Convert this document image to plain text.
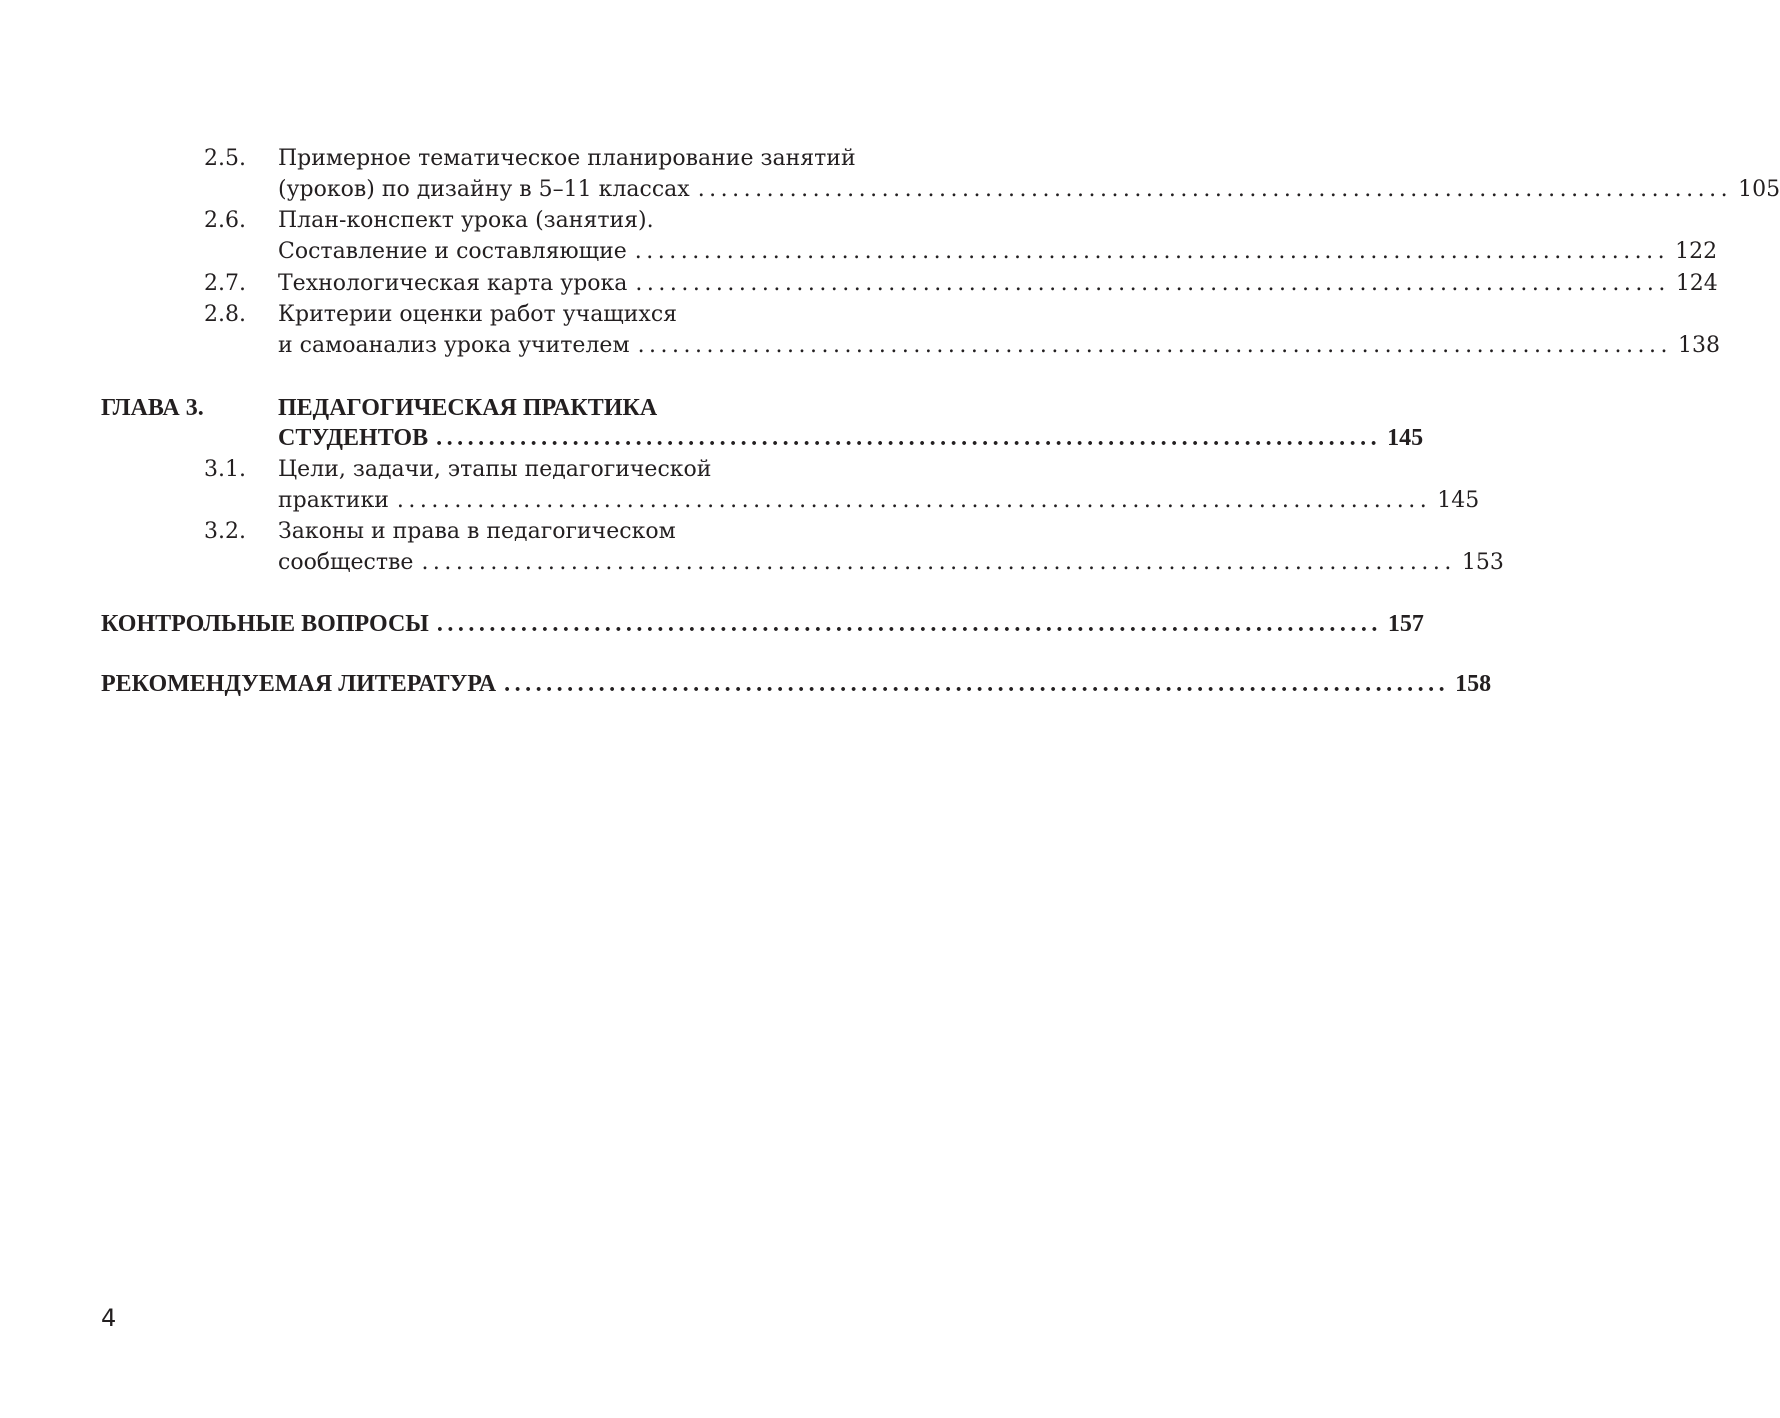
2.5. Примерное тематическое планирование занятий
(уроков) по дизайну в 5–11 классах .......................................................................................... 105
2.6. План-конспект урока (занятия).
Составление и составляющие .......................................................................................... 122
2.7. Технологическая карта урока .......................................................................................... 124
2.8. Критерии оценки работ учащихся
и самоанализ урока учителем .......................................................................................... 138
ГЛАВА 3.	ПЕДАГОГИЧЕСКАЯ ПРАКТИКА
СТУДЕНТОВ .......................................................................................... 145
3.1. Цели, задачи, этапы педагогической
практики .......................................................................................... 145
3.2. Законы и права в педагогическом
сообществе .......................................................................................... 153
КОНТРОЛЬНЫЕ ВОПРОСЫ .......................................................................................... 157
РЕКОМЕНДУЕМАЯ ЛИТЕРАТУРА .......................................................................................... 158
4
